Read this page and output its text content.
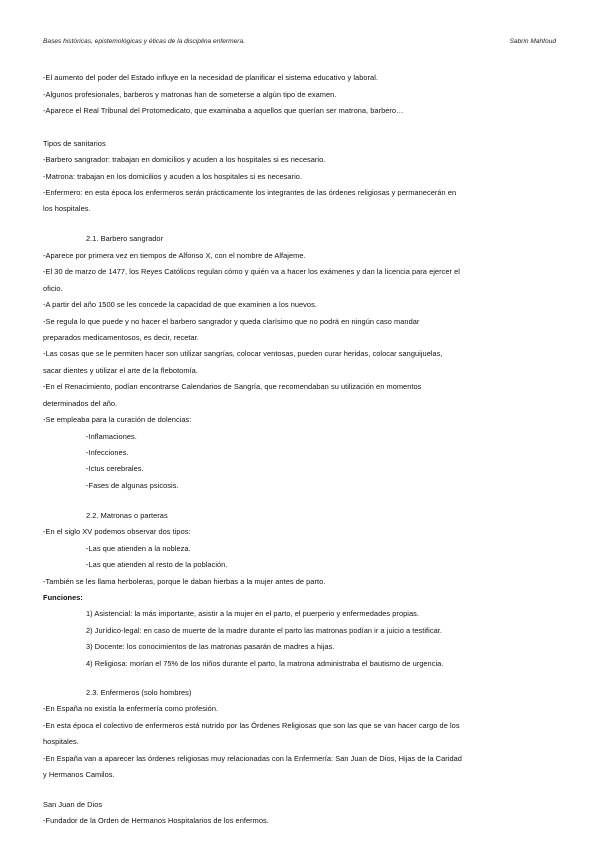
Bases históricas, epistemológicas y éticas de la disciplina enfermera.	Sabrin Mahfoud
-El aumento del poder del Estado influye en la necesidad de planificar el sistema educativo y laboral.
-Algunos profesionales, barberos y matronas han de someterse a algún tipo de examen.
-Aparece el Real Tribunal del Protomedicato, que examinaba a aquellos que querían ser matrona, barbero…
Tipos de sanitarios
-Barbero sangrador: trabajan en domicilios y acuden a los hospitales si es necesario.
-Matrona: trabajan en los domicilios y acuden a los hospitales si es necesario.
-Enfermero: en esta época los enfermeros serán prácticamente los integrantes de las órdenes religiosas y permanecerán en
los hospitales.
2.1. Barbero sangrador
-Aparece por primera vez en tiempos de Alfonso X, con el nombre de Alfajeme.
-El 30 de marzo de 1477, los Reyes Católicos regulan cómo y quién va a hacer los exámenes y dan la licencia para ejercer el
oficio.
-A partir del año 1500 se les concede la capacidad de que examinen a los nuevos.
-Se regula lo que puede y no hacer el barbero sangrador y queda clarísimo que no podrá en ningún caso mandar
preparados medicamentosos, es decir, recetar.
-Las cosas que se le permiten hacer son utilizar sangrías, colocar ventosas, pueden curar heridas, colocar sanguijuelas,
sacar dientes y utilizar el arte de la flebotomía.
-En el Renacimiento, podían encontrarse Calendarios de Sangría, que recomendaban su utilización en momentos
determinados del año.
-Se empleaba para la curación de dolencias:
-Inflamaciones.
-Infecciones.
-Ictus cerebrales.
-Fases de algunas psicosis.
2.2. Matronas o parteras
-En el siglo XV podemos observar dos tipos:
-Las que atienden a la nobleza.
-Las que atienden al resto de la población.
-También se les llama herboleras, porque le daban hierbas a la mujer antes de parto.
Funciones:
1) Asistencial: la más importante, asistir a la mujer en el parto, el puerperio y enfermedades propias.
2) Jurídico-legal: en caso de muerte de la madre durante el parto las matronas podían ir a juicio a testificar.
3) Docente: los conocimientos de las matronas pasarán de madres a hijas.
4) Religiosa: morían el 75% de los niños durante el parto, la matrona administraba el bautismo de urgencia.
2.3. Enfermeros (solo hombres)
-En España no existía la enfermería como profesión.
-En esta época el colectivo de enfermeros está nutrido por las Órdenes Religiosas que son las que se van hacer cargo de los
hospitales.
-En España van a aparecer las órdenes religiosas muy relacionadas con la Enfermería: San Juan de Dios, Hijas de la Caridad
y Hermanos Camilos.
San Juan de Dios
-Fundador de la Orden de Hermanos Hospitalarios de los enfermos.
